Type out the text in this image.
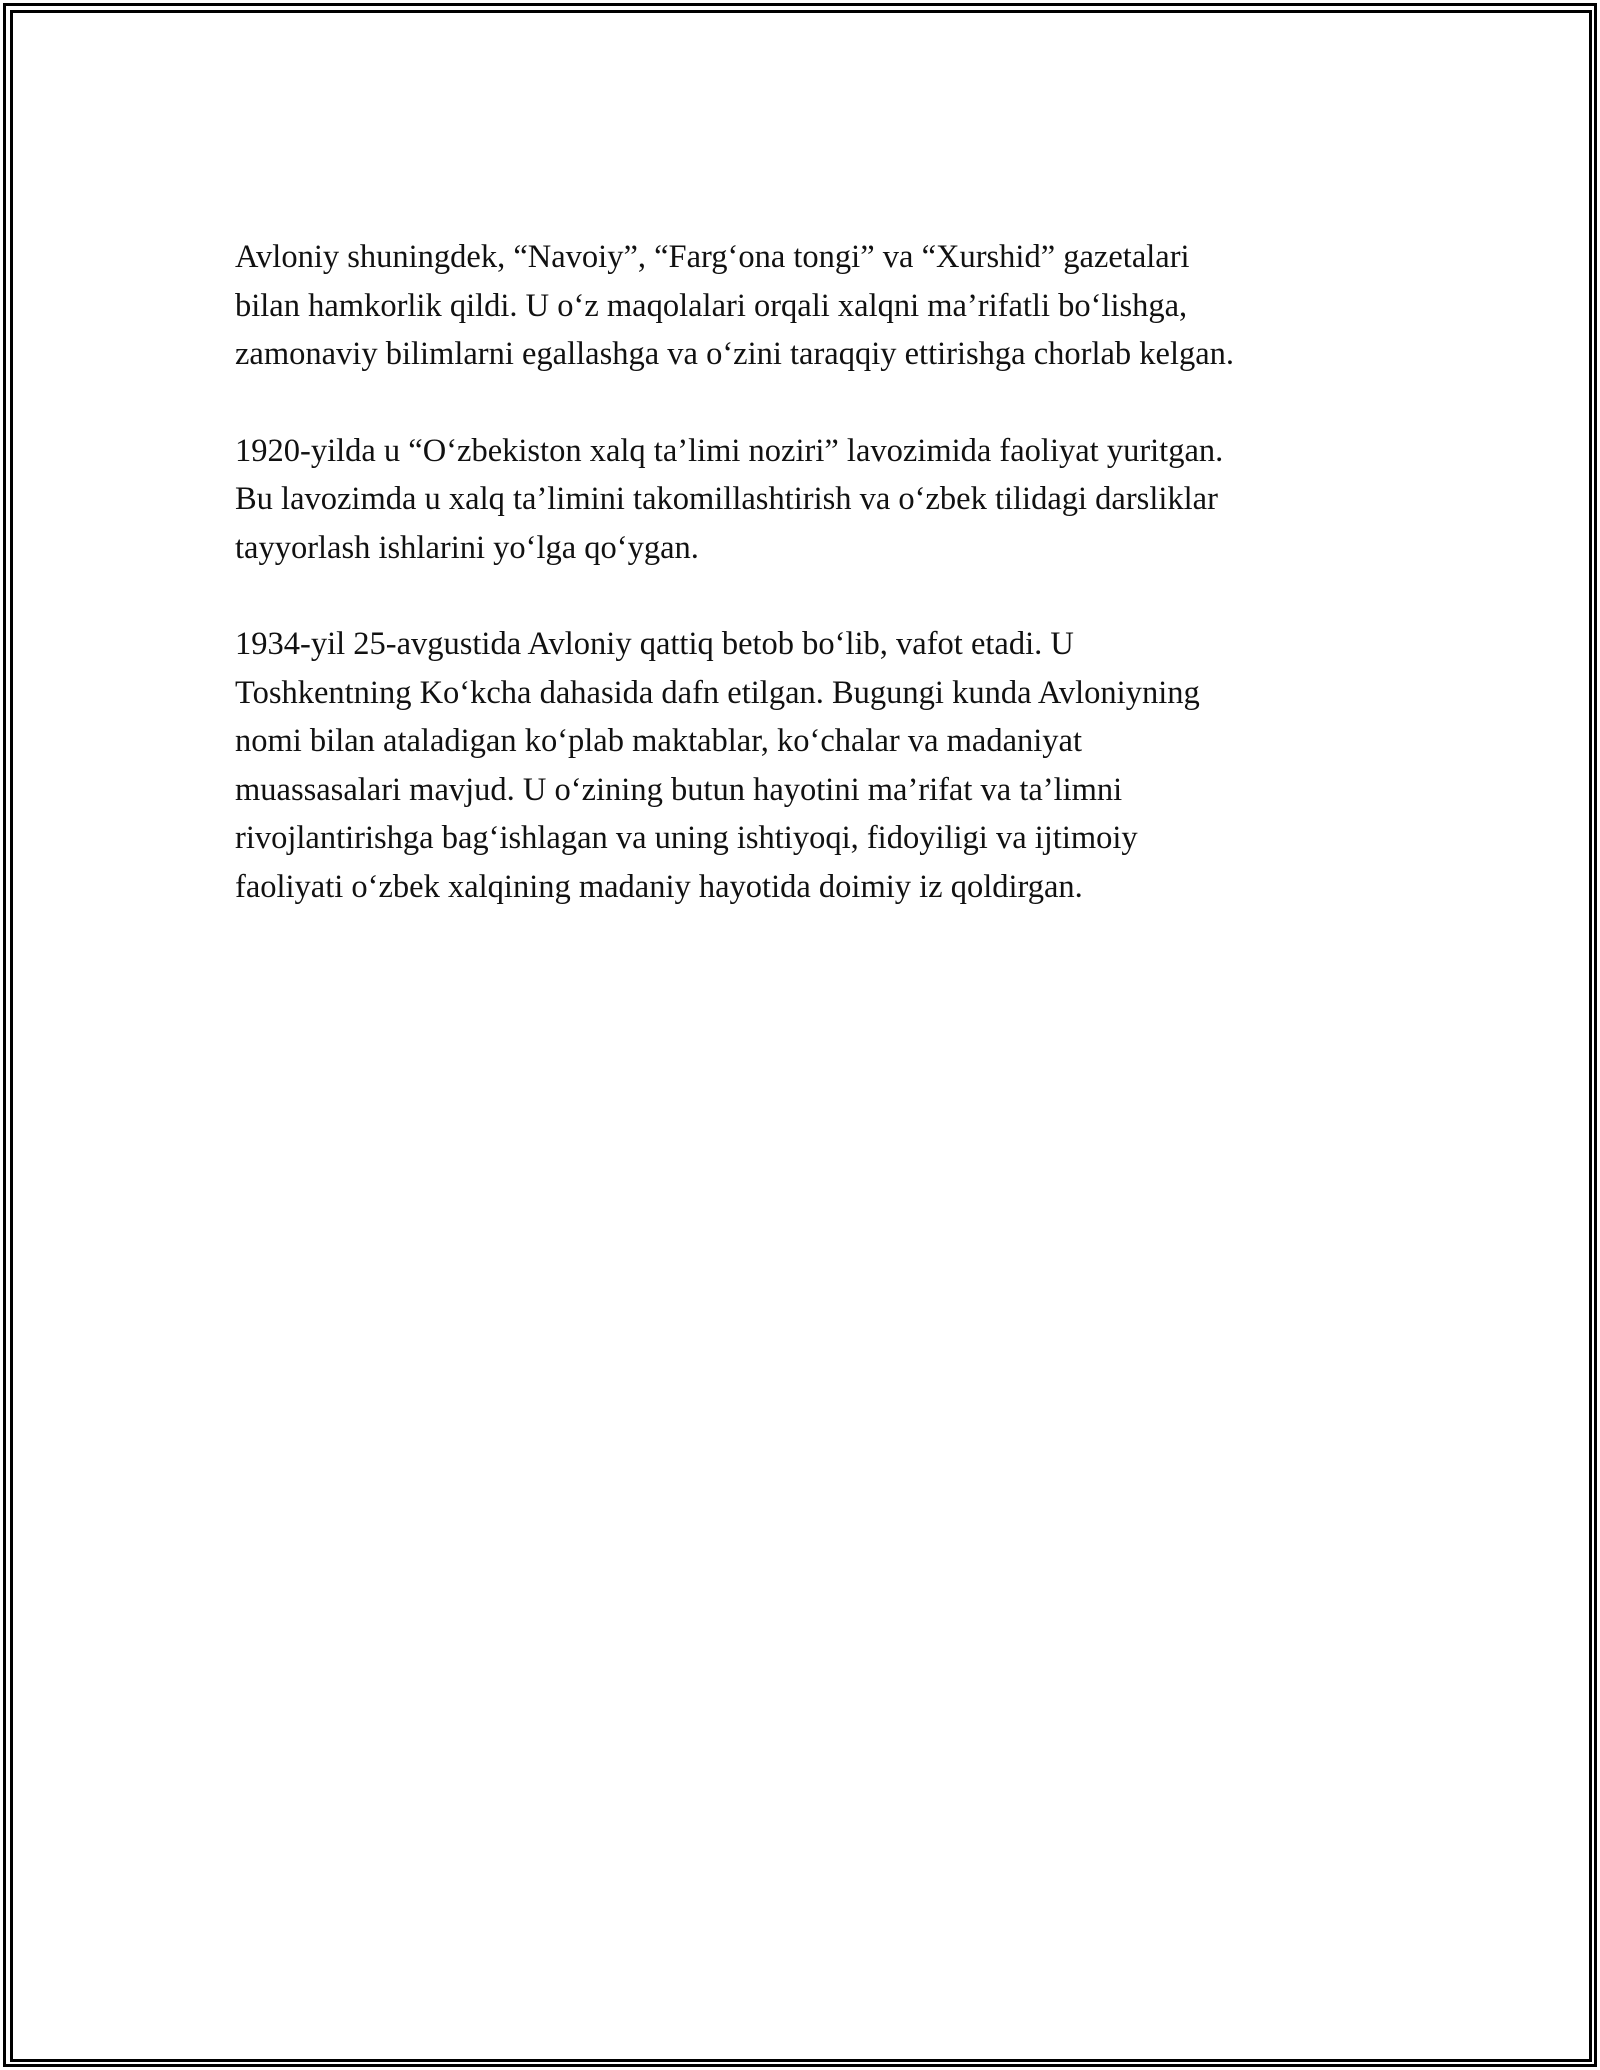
Avloniy shuningdek, “Navoiy”, “Farg‘ona tongi” va “Xurshid” gazetalari
bilan hamkorlik qildi. U o‘z maqolalari orqali xalqni ma’rifatli bo‘lishga,
zamonaviy bilimlarni egallashga va o‘zini taraqqiy ettirishga chorlab kelgan.

1920-yilda u “O‘zbekiston xalq ta’limi noziri” lavozimida faoliyat yuritgan.
Bu lavozimda u xalq ta’limini takomillashtirish va o‘zbek tilidagi darsliklar
tayyorlash ishlarini yo‘lga qo‘ygan.

1934-yil 25-avgustida Avloniy qattiq betob bo‘lib, vafot etadi. U
Toshkentning Ko‘kcha dahasida dafn etilgan. Bugungi kunda Avloniyning
nomi bilan ataladigan ko‘plab maktablar, ko‘chalar va madaniyat
muassasalari mavjud. U o‘zining butun hayotini ma’rifat va ta’limni
rivojlantirishga bag‘ishlagan va uning ishtiyoqi, fidoyiligi va ijtimoiy
faoliyati o‘zbek xalqining madaniy hayotida doimiy iz qoldirgan.
